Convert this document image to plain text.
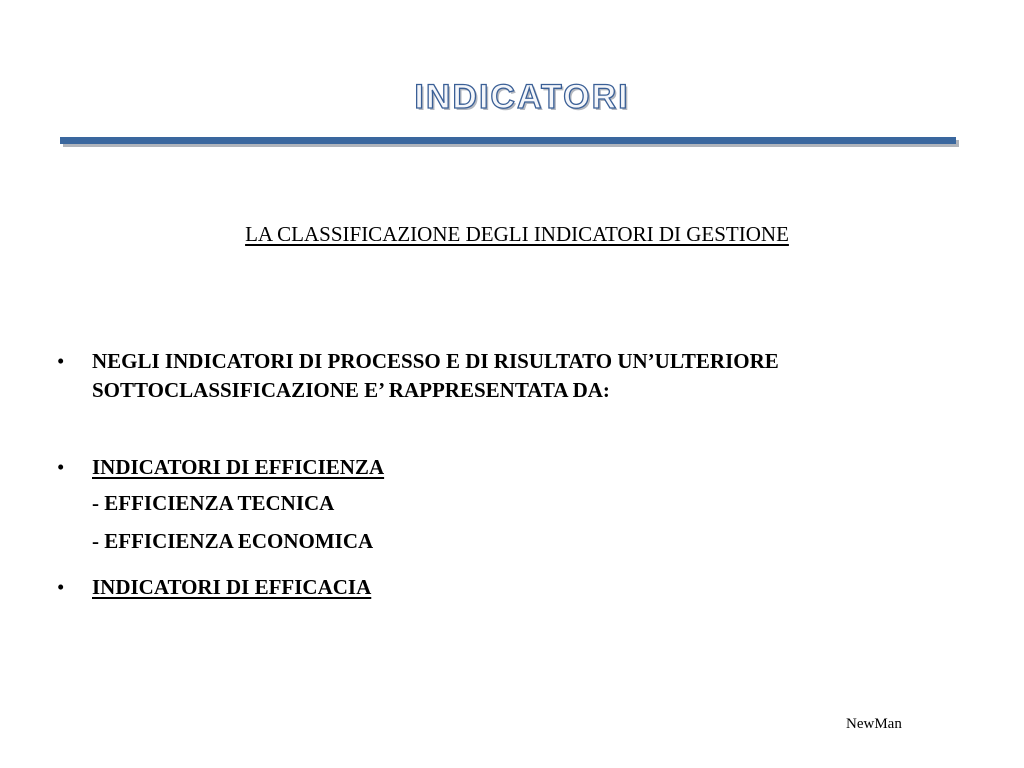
INDICATORI
LA CLASSIFICAZIONE DEGLI INDICATORI DI GESTIONE
•	NEGLI INDICATORI DI PROCESSO E DI RISULTATO UN’ULTERIORE SOTTOCLASSIFICAZIONE E’ RAPPRESENTATA DA:
•	INDICATORI DI EFFICIENZA
- EFFICIENZA TECNICA
- EFFICIENZA ECONOMICA
•	INDICATORI DI EFFICACIA
NewMan
